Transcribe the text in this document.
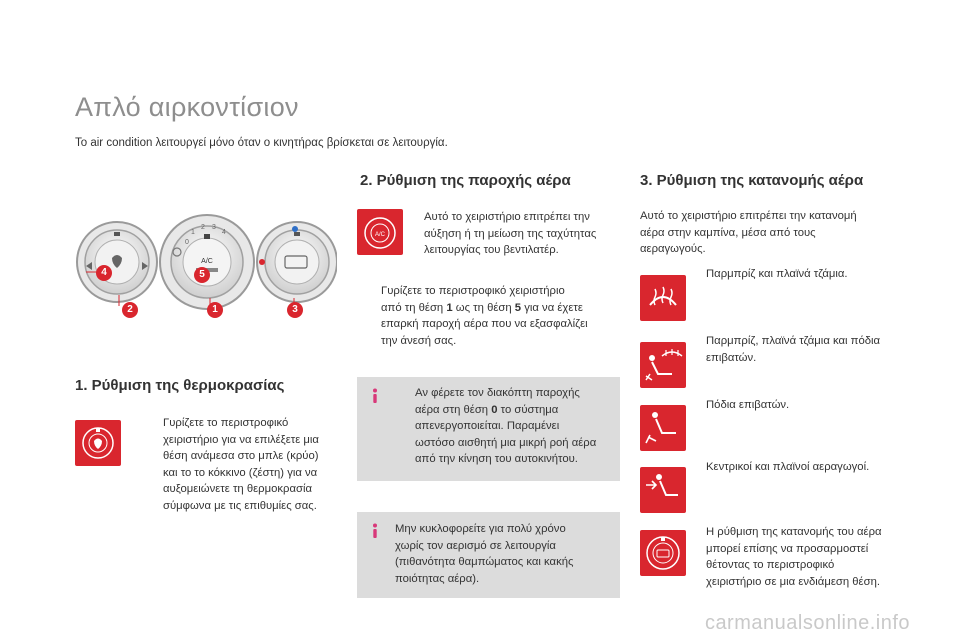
Απλό αιρκοντίσιον
Το air condition λειτουργεί μόνο όταν ο κινητήρας βρίσκεται σε λειτουργία.
A/C
0
1
2 3
4
1
2	3
4	5
1. Ρύθμιση της θερμοκρασίας
Γυρίζετε το περιστροφικό
χειριστήριο για να επιλέξετε μια
θέση ανάμεσα στο μπλε (κρύο)
και το το κόκκινο (ζέστη) για να
αυξομειώνετε τη θερμοκρασία
σύμφωνα με τις επιθυμίες σας.
2. Ρύθμιση της παροχής αέρα
A/C
Αυτό το χειριστήριο επιτρέπει την
αύξηση ή τη μείωση της ταχύτητας
λειτουργίας του βεντιλατέρ.
Γυρίζετε το περιστροφικό χειριστήριο
από τη θέση 1 ως τη θέση 5 για να έχετε
επαρκή παροχή αέρα που να εξασφαλίζει
την άνεσή σας.
Αν φέρετε τον διακόπτη παροχής
αέρα στη θέση 0 το σύστημα
απενεργοποιείται. Παραμένει
ωστόσο αισθητή μια μικρή ροή αέρα
από την κίνηση του αυτοκινήτου.
Μην κυκλοφορείτε για πολύ χρόνο
χωρίς τον αερισμό σε λειτουργία
(πιθανότητα θαμπώματος και κακής
ποιότητας αέρα).
3. Ρύθμιση της κατανομής αέρα
Αυτό το χειριστήριο επιτρέπει την κατανομή
αέρα στην καμπίνα, μέσα από τους
αεραγωγούς.
Παρμπρίζ και πλαϊνά τζάμια.
Παρμπρίζ, πλαϊνά τζάμια και πόδια
επιβατών.
Πόδια επιβατών.
Κεντρικοί και πλαϊνοί αεραγωγοί.
Η ρύθμιση της κατανομής του αέρα
μπορεί επίσης να προσαρμοστεί
θέτοντας το περιστροφικό
χειριστήριο σε μια ενδιάμεση θέση.
carmanualsonline.info
